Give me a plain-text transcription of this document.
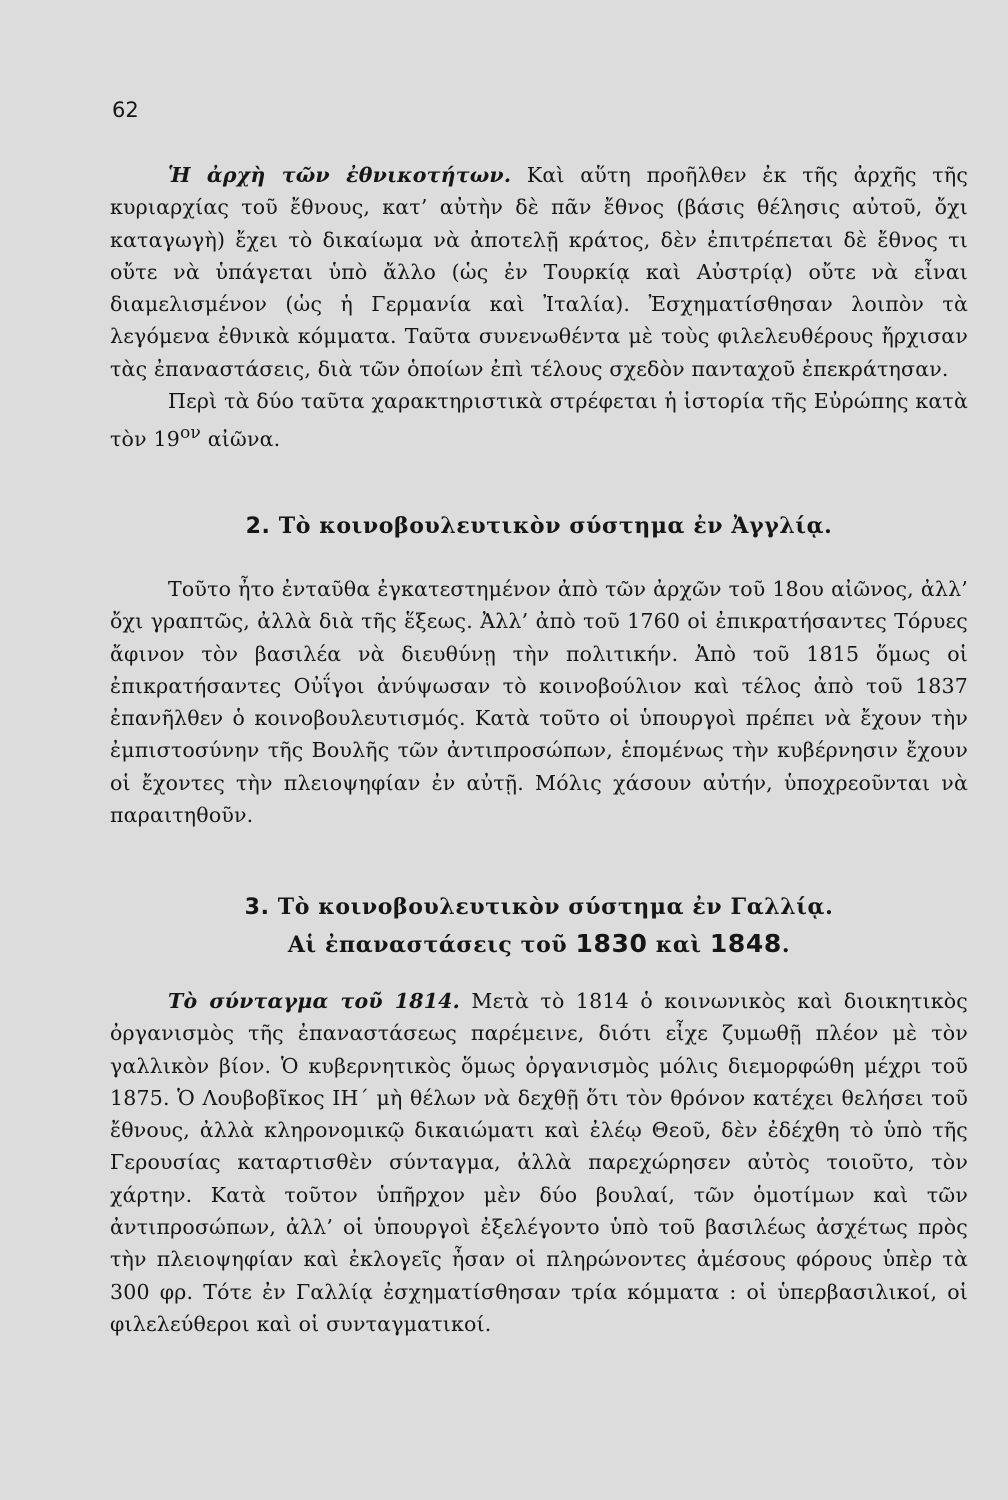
62

Ἡ ἀρχὴ τῶν ἐθνικοτήτων. Καὶ αὕτη προῆλθεν ἐκ τῆς ἀρχῆς τῆς κυριαρχίας τοῦ ἔθνους, κατ’ αὐτὴν δὲ πᾶν ἔθνος (βάσις θέλησις αὐτοῦ, ὄχι καταγωγὴ) ἔχει τὸ δικαίωμα νὰ ἀποτελῇ κράτος, δὲν ἐπιτρέπεται δὲ ἔθνος τι οὔτε νὰ ὑπάγεται ὑπὸ ἄλλο (ὡς ἐν Τουρκίᾳ καὶ Αὐστρίᾳ) οὔτε νὰ εἶναι διαμελισμένον (ὡς ἡ Γερμανία καὶ Ἰταλία). Ἐσχηματίσθησαν λοιπὸν τὰ λεγόμενα ἐθνικὰ κόμματα. Ταῦτα συνενωθέντα μὲ τοὺς φιλελευθέρους ἤρχισαν τὰς ἐπαναστάσεις, διὰ τῶν ὁποίων ἐπὶ τέλους σχεδὸν πανταχοῦ ἐπεκράτησαν.

Περὶ τὰ δύο ταῦτα χαρακτηριστικὰ στρέφεται ἡ ἱστορία τῆς Εὐρώπης κατὰ τὸν $19^{o\nu}$ αἰῶνα.

2. Τὸ κοινοβουλευτικὸν σύστημα ἐν Ἀγγλίᾳ.

Τοῦτο ἦτο ἐνταῦθα ἐγκατεστημένον ἀπὸ τῶν ἀρχῶν τοῦ 18ου αἰῶνος, ἀλλ’ ὄχι γραπτῶς, ἀλλὰ διὰ τῆς ἕξεως. Ἀλλ’ ἀπὸ τοῦ 1760 οἱ ἐπικρατήσαντες Τόρυες ἄφινον τὸν βασιλέα νὰ διευθύνῃ τὴν πολιτικήν. Ἀπὸ τοῦ 1815 ὅμως οἱ ἐπικρατήσαντες Οὐΐγοι ἀνύψωσαν τὸ κοινοβούλιον καὶ τέλος ἀπὸ τοῦ 1837 ἐπανῆλθεν ὁ κοινοβουλευτισμός. Κατὰ τοῦτο οἱ ὑπουργοὶ πρέπει νὰ ἔχουν τὴν ἐμπιστοσύνην τῆς Βουλῆς τῶν ἀντιπροσώπων, ἑπομένως τὴν κυβέρνησιν ἔχουν οἱ ἔχοντες τὴν πλειοψηφίαν ἐν αὐτῇ. Μόλις χάσουν αὐτήν, ὑποχρεοῦνται νὰ παραιτηθοῦν.

3. Τὸ κοινοβουλευτικὸν σύστημα ἐν Γαλλίᾳ.
Αἱ ἐπαναστάσεις τοῦ 1830 καὶ 1848.

Τὸ σύνταγμα τοῦ 1814. Μετὰ τὸ 1814 ὁ κοινωνικὸς καὶ διοικητικὸς ὀργανισμὸς τῆς ἐπαναστάσεως παρέμεινε, διότι εἶχε ζυμωθῇ πλέον μὲ τὸν γαλλικὸν βίον. Ὁ κυβερνητικὸς ὅμως ὀργανισμὸς μόλις διεμορφώθη μέχρι τοῦ 1875. Ὁ Λουβοβῖκος ΙΗ΄ μὴ θέλων νὰ δεχθῇ ὅτι τὸν θρόνον κατέχει θελήσει τοῦ ἔθνους, ἀλλὰ κληρονομικῷ δικαιώματι καὶ ἐλέῳ Θεοῦ, δὲν ἐδέχθη τὸ ὑπὸ τῆς Γερουσίας καταρτισθὲν σύνταγμα, ἀλλὰ παρεχώρησεν αὐτὸς τοιοῦτο, τὸν χάρτην. Κατὰ τοῦτον ὑπῆρχον μὲν δύο βουλαί, τῶν ὁμοτίμων καὶ τῶν ἀντιπροσώπων, ἀλλ’ οἱ ὑπουργοὶ ἐξελέγοντο ὑπὸ τοῦ βασιλέως ἀσχέτως πρὸς τὴν πλειοψηφίαν καὶ ἐκλογεῖς ἦσαν οἱ πληρώνοντες ἀμέσους φόρους ὑπὲρ τὰ 300 φρ. Τότε ἐν Γαλλίᾳ ἐσχηματίσθησαν τρία κόμματα : οἱ ὑπερβασιλικοί, οἱ φιλελεύθεροι καὶ οἱ συνταγματικοί.
